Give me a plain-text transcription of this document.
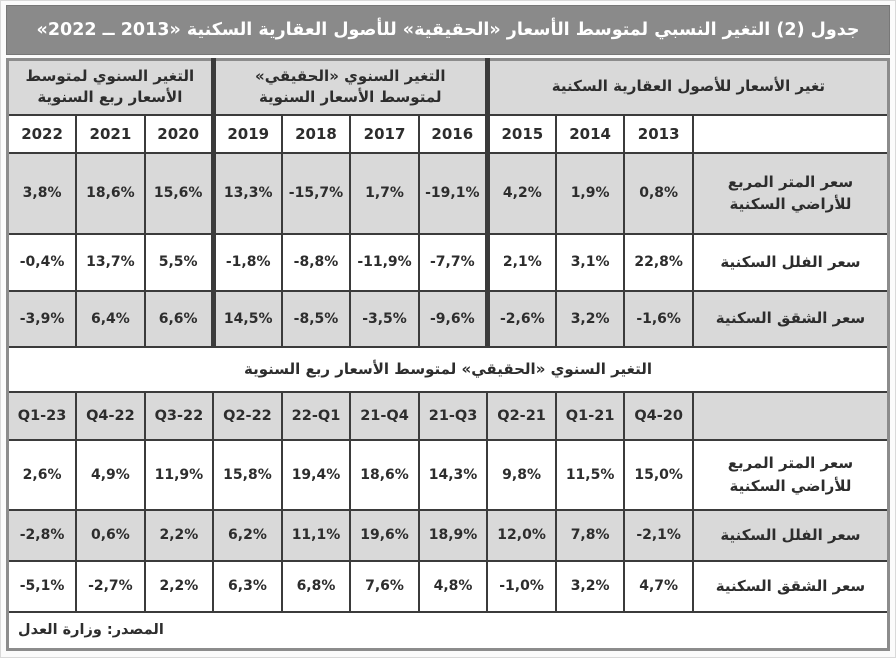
جدول (2) التغير النسبي لمتوسط الأسعار «الحقيقية» للأصول العقارية السكنية «2013 ــ 2022»
تغير الأسعار للأصول العقارية السكنية				التغير السنوي «الحقيقي» لمتوسط الأسعار السنوية				التغير السنوي لمتوسط الأسعار ربع السنوية		
	2013	2014	2015	2016	2017	2018	2019	2020	2021	2022
سعر المتر المربع للأراضي السكنية	0,8%	1,9%	4,2%	-19,1%	1,7%	-15,7%	13,3%	15,6%	18,6%	3,8%
سعر الفلل السكنية	22,8%	3,1%	2,1%	-7,7%	-11,9%	-8,8%	-1,8%	5,5%	13,7%	-0,4%
سعر الشقق السكنية	-1,6%	3,2%	-2,6%	-9,6%	-3,5%	-8,5%	14,5%	6,6%	6,4%	-3,9%
التغير السنوي «الحقيقي» لمتوسط الأسعار ربع السنوية										
	Q4-20	Q1-21	Q2-21	21-Q3	21-Q4	22-Q1	Q2-22	Q3-22	Q4-22	Q1-23
سعر المتر المربع للأراضي السكنية	15,0%	11,5%	9,8%	14,3%	18,6%	19,4%	15,8%	11,9%	4,9%	2,6%
سعر الفلل السكنية	-2,1%	7,8%	12,0%	18,9%	19,6%	11,1%	6,2%	2,2%	0,6%	-2,8%
سعر الشقق السكنية	4,7%	3,2%	-1,0%	4,8%	7,6%	6,8%	6,3%	2,2%	-2,7%	-5,1%
المصدر: وزارة العدل										
